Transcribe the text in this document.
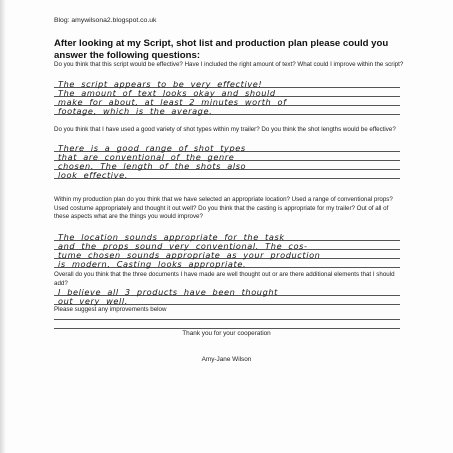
Blog: amywilsona2.blogspot.co.uk
After looking at my Script, shot list and production plan please could you answer the following questions:
Do you think that this script would be effective? Have I included the right amount of text? What could I improve within the script?
The script appears to be very effective!
The amount of text looks okay and should
make for about, at least 2 minutes worth of
footage, which is the average.
Do you think that I have used a good variety of shot types within my trailer? Do you think the shot lengths would be effective?
There is a good range of shot types
that are conventional of the genre
chosen. The length of the shots also
look effective.
Within my production plan do you think that we have selected an appropriate location? Used a range of conventional props? Used costume appropriately and thought it out well? Do you think that the casting is appropriate for my trailer? Out of all of these aspects what are the things you would improve?
The location sounds appropriate for the task
and the props sound very conventional. The cos-
tume chosen sounds appropriate as your production
is modern. Casting looks appropriate.
Overall do you think that the three documents I have made are well thought out or are there additional elements that I should add?
I believe all 3 products have been thought
out very well.
Please suggest any improvements below
Thank you for your cooperation
Amy-Jane Wilson
